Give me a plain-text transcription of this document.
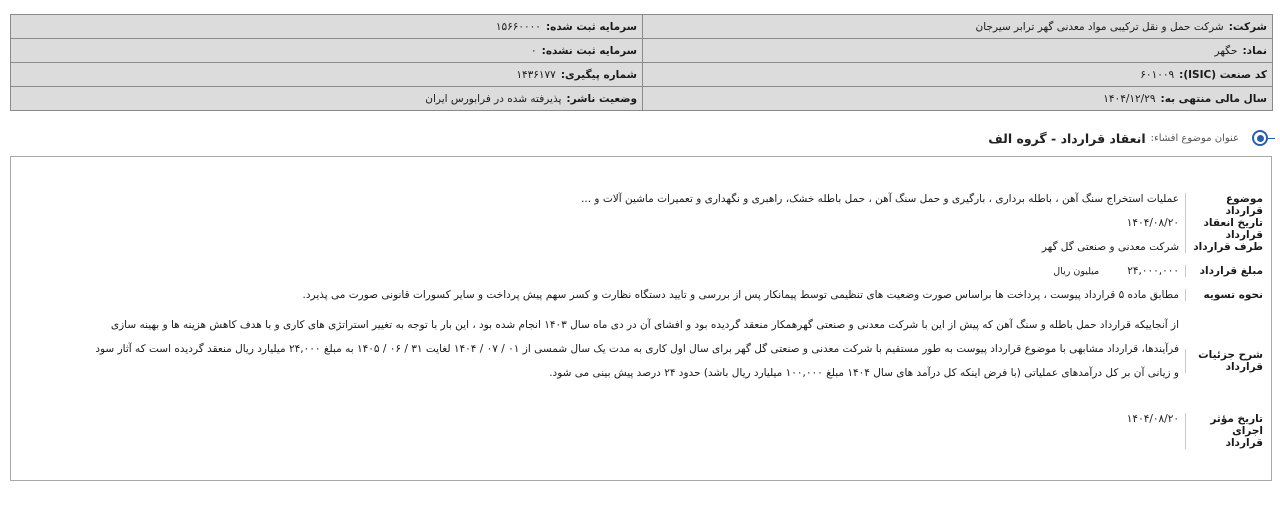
شرکت:شرکت حمل و نقل ترکیبی مواد معدنی گهر ترابر سیرجان	سرمایه ثبت شده:۱۵۶۶۰۰۰۰
نماد:حگهر	سرمایه ثبت نشده:۰
کد صنعت (ISIC):۶۰۱۰۰۹	شماره پیگیری:۱۴۳۶۱۷۷
سال مالی منتهی به:۱۴۰۴/۱۲/۲۹	وضعیت ناشر:پذیرفته شده در فرابورس ایران
عنوان موضوع افشاء:
انعقاد قرارداد - گروه الف
موضوع قرارداد
عملیات استخراج سنگ آهن ، باطله برداری ، بارگیری و حمل سنگ آهن ، حمل باطله خشک، راهبری و نگهداری و تعمیرات ماشین آلات و ...
تاریخ انعقاد قرارداد
۱۴۰۴/۰۸/۲۰
طرف قرارداد
شرکت معدنی و صنعتی گل گهر
مبلغ قرارداد
۲۴,۰۰۰,۰۰۰میلیون ریال
نحوه تسویه
مطابق ماده ۵ قرارداد پیوست ، پرداخت ها براساس صورت وضعیت های تنظیمی توسط پیمانکار پس از بررسی و تایید دستگاه نظارت و کسر سهم پیش پرداخت و سایر کسورات قانونی صورت می پذیرد.
شرح جزئیات قرارداد
از آنجاییکه قرارداد حمل باطله و سنگ آهن که پیش از این با شرکت معدنی و صنعتی گهرهمکار منعقد گردیده بود و افشای آن در دی ماه سال ۱۴۰۳ انجام شده بود ، این بار با توجه به تغییر استراتژی های کاری و با هدف کاهش هزینه ها و بهینه سازی فرآیندها، قرارداد مشابهی با موضوع قرارداد پیوست به طور مستقیم با شرکت معدنی و صنعتی گل گهر برای سال اول کاری به مدت یک سال شمسی از ۰۱ / ۰۷ / ۱۴۰۴ لغایت ۳۱ / ۰۶ / ۱۴۰۵ به مبلغ ۲۴,۰۰۰ میلیارد ریال منعقد گردیده است که آثار سود و زیانی آن بر کل درآمدهای عملیاتی (با فرض اینکه کل درآمد های سال ۱۴۰۴ مبلغ ۱۰۰,۰۰۰ میلیارد ریال باشد) حدود ۲۴ درصد پیش بینی می شود.
تاریخ مؤثر اجرای قرارداد
۱۴۰۴/۰۸/۲۰
